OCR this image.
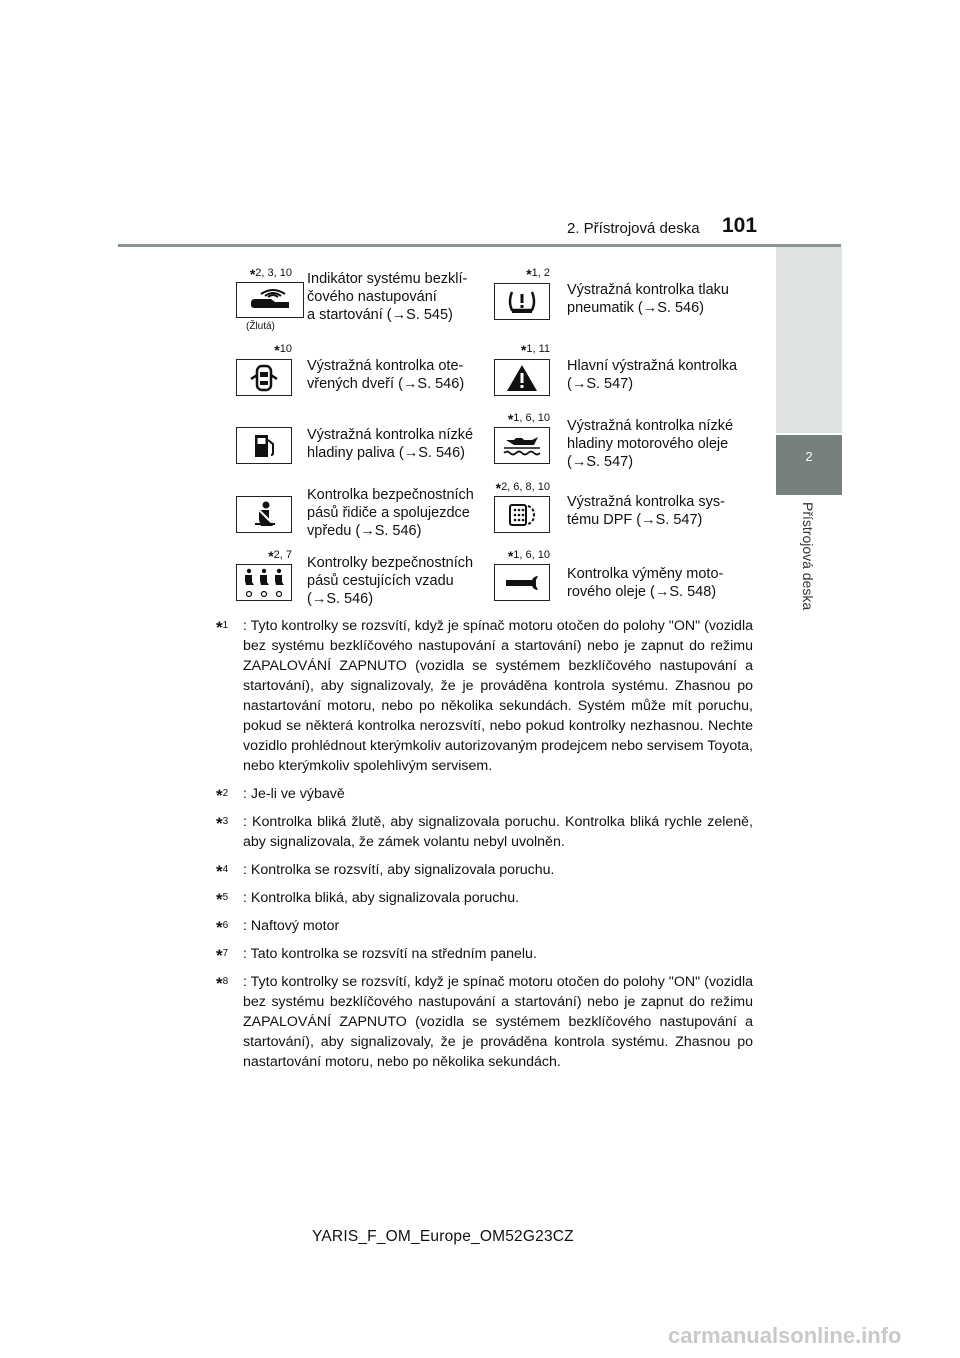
2. Přístrojová deska 101
2
Přístrojová deska
*2, 3, 10
(Žlutá)
Indikátor systému bezklí-
čového nastupování
a startování (→S. 545)
*1, 2
Výstražná kontrolka tlaku
pneumatik (→S. 546)
*10
Výstražná kontrolka ote-
vřených dveří (→S. 546)
*1, 11
Hlavní výstražná kontrolka
(→S. 547)
Výstražná kontrolka nízké
hladiny paliva (→S. 546)
*1, 6, 10 Výstražná kontrolka nízké
hladiny motorového oleje
(→S. 547)
Kontrolka bezpečnostních
pásů řidiče a spolujezdce
vpředu (→S. 546)
*2, 6, 8, 10
Výstražná kontrolka sys-
tému DPF (→S. 547)
*2, 7 Kontrolky bezpečnostních
pásů cestujících vzadu
(→S. 546)
*1, 6, 10
Kontrolka výměny moto-
rového oleje (→S. 548)
*$^1$ : Tyto kontrolky se rozsvítí, když je spínač motoru otočen do polohy "ON" (vozidla bez systému bezklíčového nastupování a startování) nebo je zapnut do režimu ZAPALOVÁNÍ ZAPNUTO (vozidla se systémem bezklíčového nastupování a startování), aby signalizovaly, že je prováděna kontrola systému. Zhasnou po nastartování motoru, nebo po několika sekundách. Systém může mít poruchu, pokud se některá kontrolka nerozsvítí, nebo pokud kontrolky nezhasnou. Nechte vozidlo prohlédnout kterýmkoliv autorizovaným prodejcem nebo servisem Toyota, nebo kterýmkoliv spolehlivým servisem.
*$^2$ : Je-li ve výbavě
*$^3$ : Kontrolka bliká žlutě, aby signalizovala poruchu. Kontrolka bliká rychle zeleně, aby signalizovala, že zámek volantu nebyl uvolněn.
*$^4$ : Kontrolka se rozsvítí, aby signalizovala poruchu.
*$^5$ : Kontrolka bliká, aby signalizovala poruchu.
*$^6$ : Naftový motor
*$^7$ : Tato kontrolka se rozsvítí na středním panelu.
*$^8$ : Tyto kontrolky se rozsvítí, když je spínač motoru otočen do polohy "ON" (vozidla bez systému bezklíčového nastupování a startování) nebo je zapnut do režimu ZAPALOVÁNÍ ZAPNUTO (vozidla se systémem bezklíčového nastupování a startování), aby signalizovaly, že je prováděna kontrola systému. Zhasnou po nastartování motoru, nebo po několika sekundách.
YARIS_F_OM_Europe_OM52G23CZ
carmanualsonline.info
